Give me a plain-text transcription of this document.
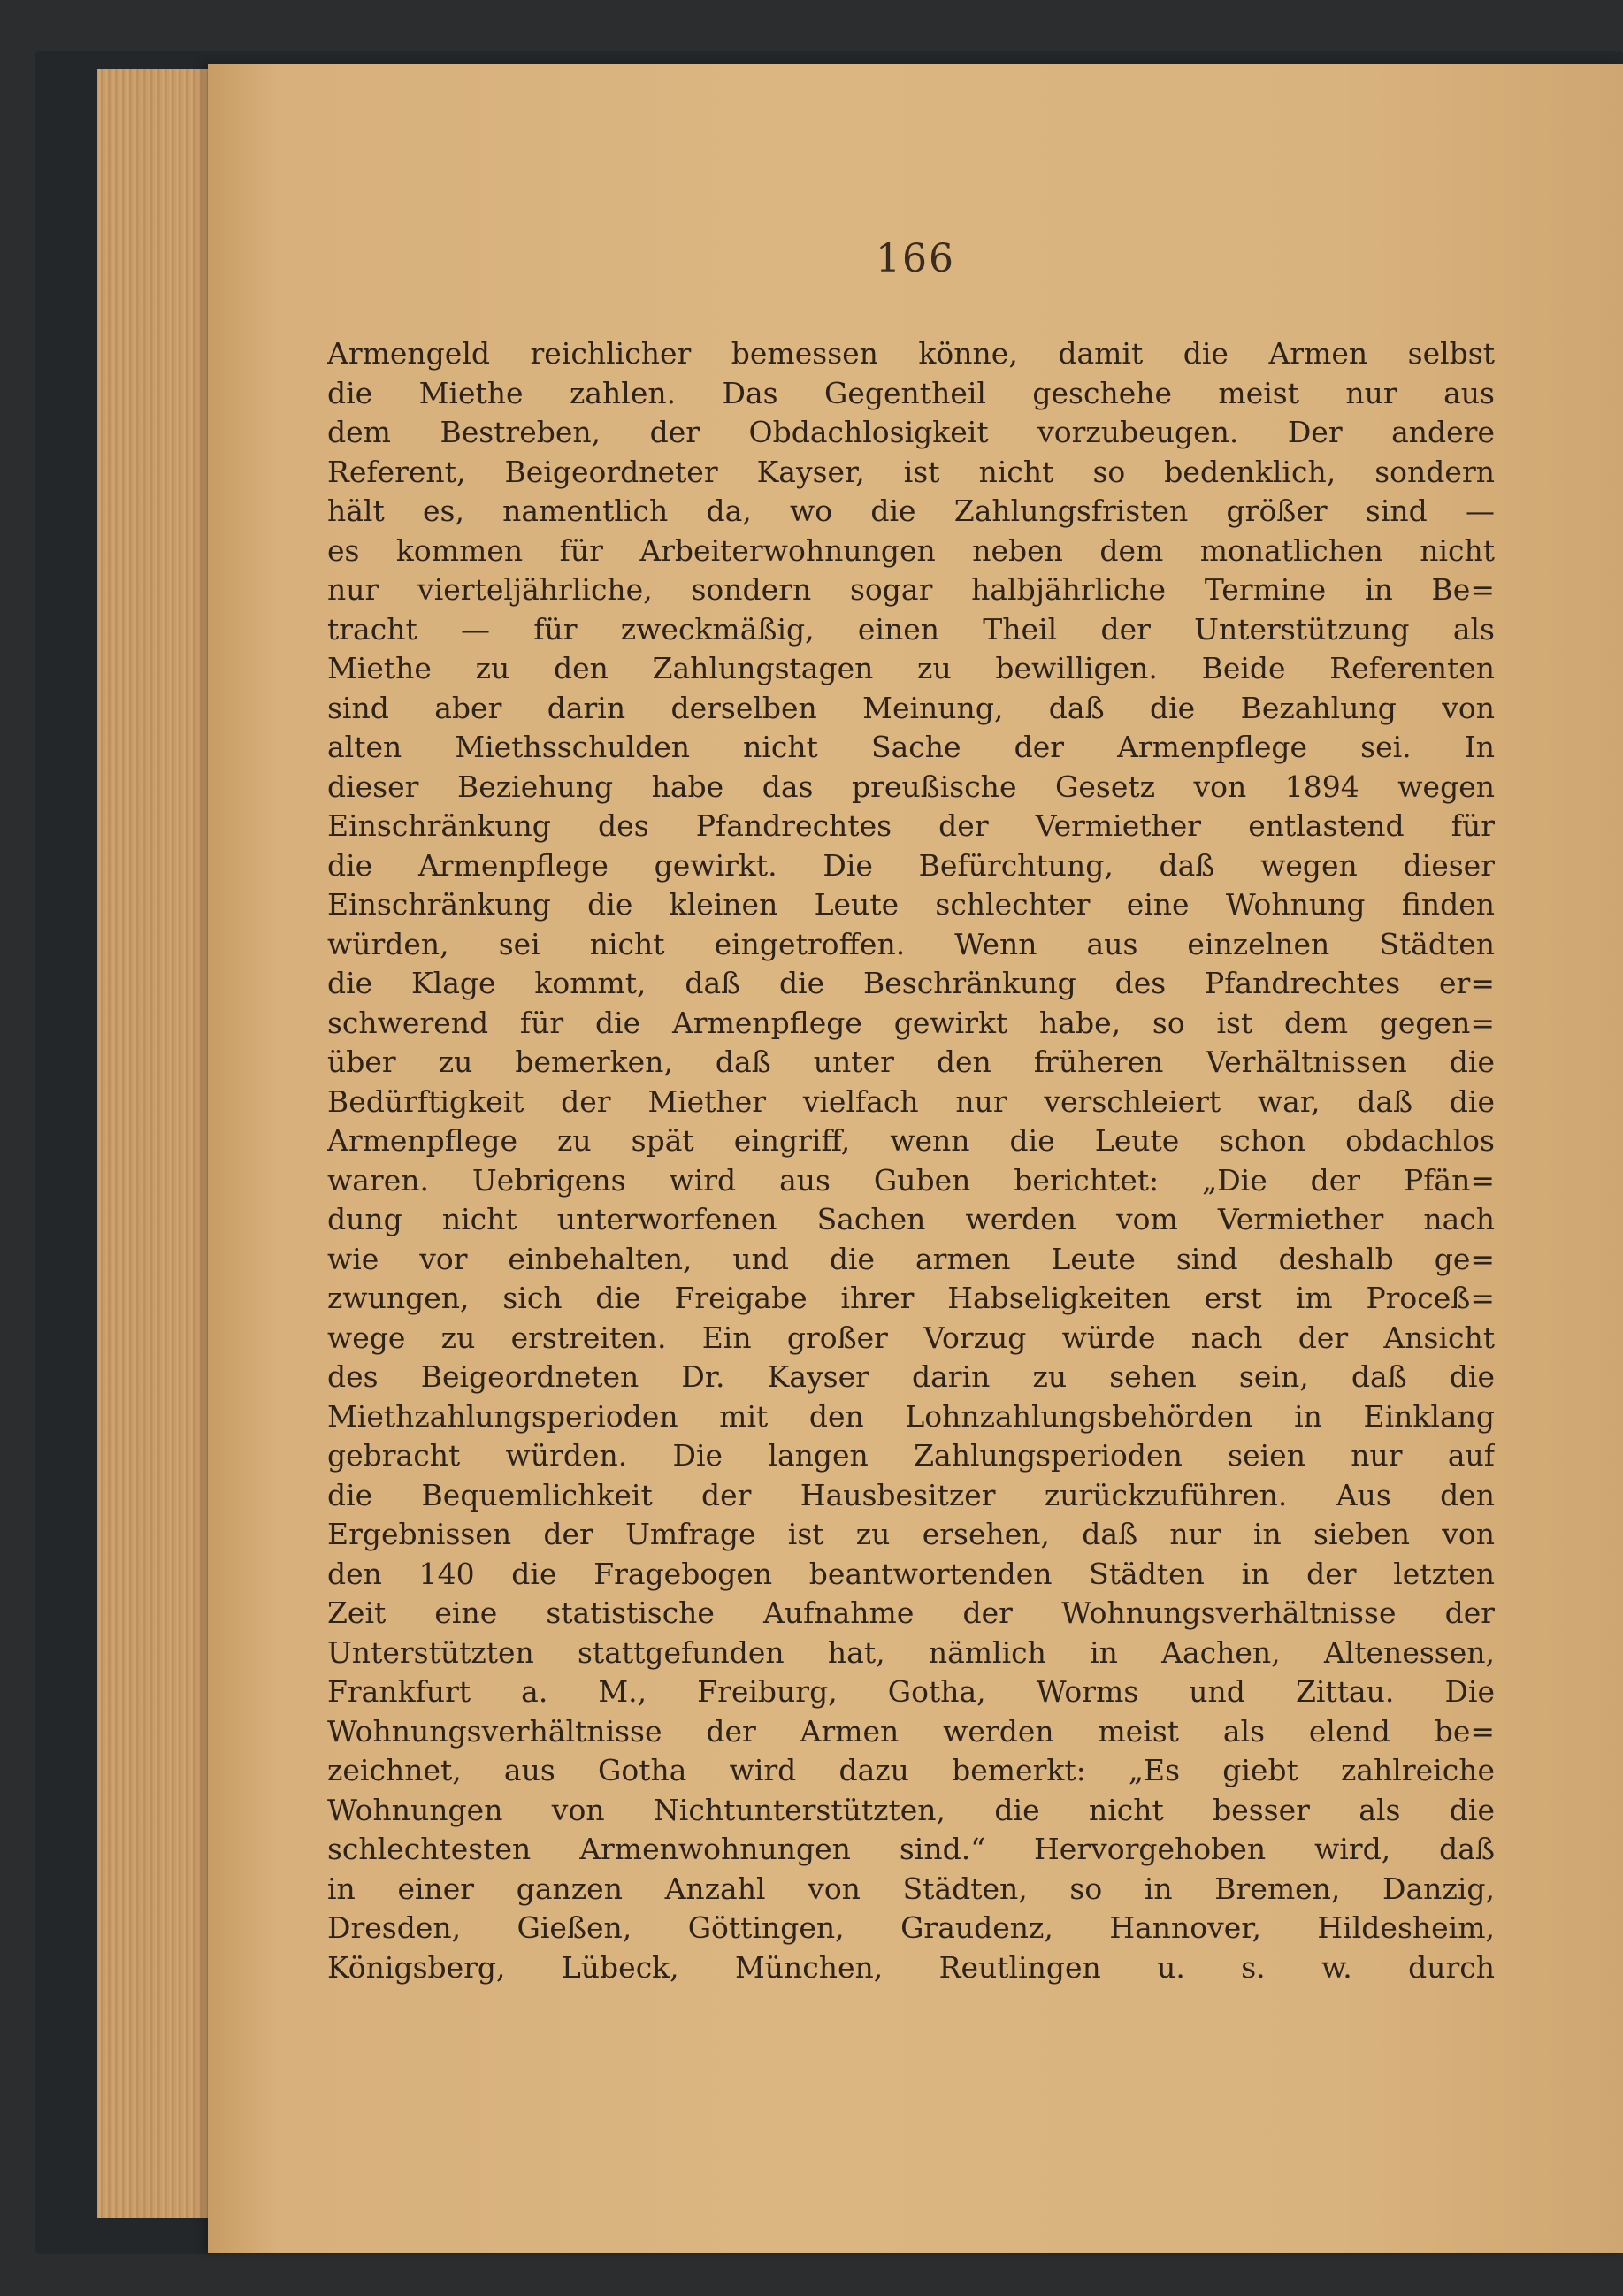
166
Armengeld reichlicher bemessen könne, damit die Armen selbst
die Miethe zahlen. Das Gegentheil geschehe meist nur aus
dem Bestreben, der Obdachlosigkeit vorzubeugen. Der andere
Referent, Beigeordneter Kayser, ist nicht so bedenklich, sondern
hält es, namentlich da, wo die Zahlungsfristen größer sind —
es kommen für Arbeiterwohnungen neben dem monatlichen nicht
nur vierteljährliche, sondern sogar halbjährliche Termine in Be=
tracht — für zweckmäßig, einen Theil der Unterstützung als
Miethe zu den Zahlungstagen zu bewilligen. Beide Referenten
sind aber darin derselben Meinung, daß die Bezahlung von
alten Miethsschulden nicht Sache der Armenpflege sei. In
dieser Beziehung habe das preußische Gesetz von 1894 wegen
Einschränkung des Pfandrechtes der Vermiether entlastend für
die Armenpflege gewirkt. Die Befürchtung, daß wegen dieser
Einschränkung die kleinen Leute schlechter eine Wohnung finden
würden, sei nicht eingetroffen. Wenn aus einzelnen Städten
die Klage kommt, daß die Beschränkung des Pfandrechtes er=
schwerend für die Armenpflege gewirkt habe, so ist dem gegen=
über zu bemerken, daß unter den früheren Verhältnissen die
Bedürftigkeit der Miether vielfach nur verschleiert war, daß die
Armenpflege zu spät eingriff, wenn die Leute schon obdachlos
waren. Uebrigens wird aus Guben berichtet: „Die der Pfän=
dung nicht unterworfenen Sachen werden vom Vermiether nach
wie vor einbehalten, und die armen Leute sind deshalb ge=
zwungen, sich die Freigabe ihrer Habseligkeiten erst im Proceß=
wege zu erstreiten. Ein großer Vorzug würde nach der Ansicht
des Beigeordneten Dr. Kayser darin zu sehen sein, daß die
Miethzahlungsperioden mit den Lohnzahlungsbehörden in Einklang
gebracht würden. Die langen Zahlungsperioden seien nur auf
die Bequemlichkeit der Hausbesitzer zurückzuführen. Aus den
Ergebnissen der Umfrage ist zu ersehen, daß nur in sieben von
den 140 die Fragebogen beantwortenden Städten in der letzten
Zeit eine statistische Aufnahme der Wohnungsverhältnisse der
Unterstützten stattgefunden hat, nämlich in Aachen, Altenessen,
Frankfurt a. M., Freiburg, Gotha, Worms und Zittau. Die
Wohnungsverhältnisse der Armen werden meist als elend be=
zeichnet, aus Gotha wird dazu bemerkt: „Es giebt zahlreiche
Wohnungen von Nichtunterstützten, die nicht besser als die
schlechtesten Armenwohnungen sind.“ Hervorgehoben wird, daß
in einer ganzen Anzahl von Städten, so in Bremen, Danzig,
Dresden, Gießen, Göttingen, Graudenz, Hannover, Hildesheim,
Königsberg, Lübeck, München, Reutlingen u. s. w. durch
